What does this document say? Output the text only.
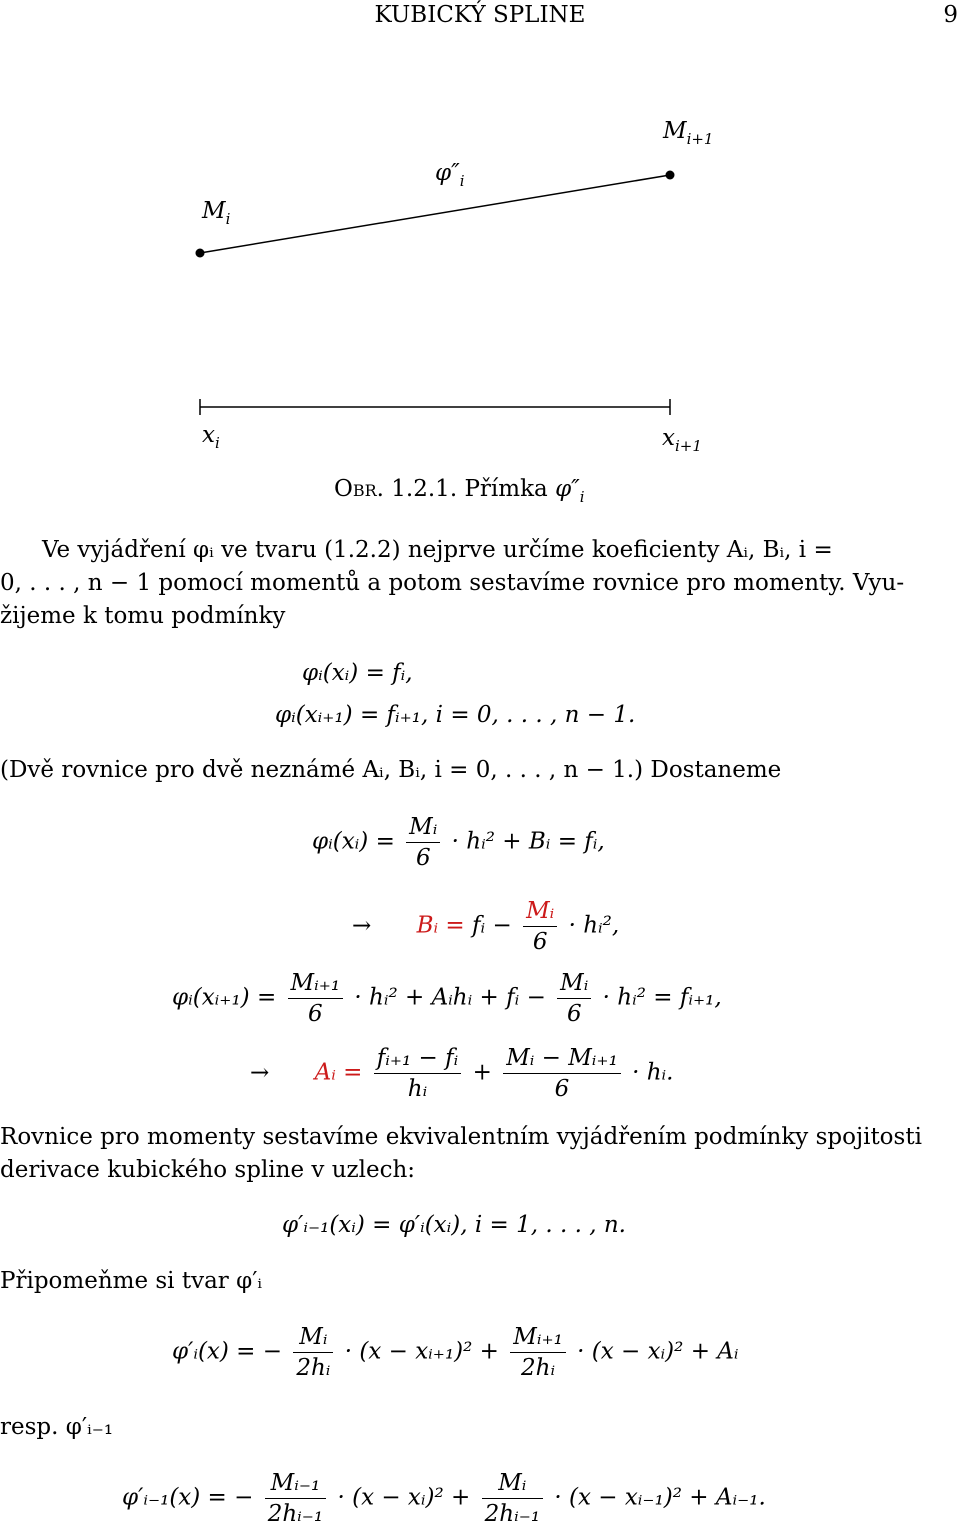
KUBICKÝ SPLINE	9
$M_i$
$M_{i+1}$
$\varphi''_i$
$x_i$	$x_{i+1}$
Obr. 1.2.1. Přímka $\varphi''_i$

Ve vyjádření φᵢ ve tvaru (1.2.2) nejprve určíme koeficienty Aᵢ, Bᵢ, i =

0, . . . , n − 1 pomocí momentů a potom sestavíme rovnice pro momenty. Vyu-

žijeme k tomu podmínky

φᵢ(xᵢ) = fᵢ,
φᵢ(xᵢ₊₁) = fᵢ₊₁, i = 0, . . . , n − 1.
(Dvě rovnice pro dvě neznámé Aᵢ, Bᵢ, i = 0, . . . , n − 1.) Dostaneme
φᵢ(xᵢ) = $\frac{\text{Mᵢ}}{6}$ · hᵢ² + Bᵢ = fᵢ,
→ Bᵢ = fᵢ − $\frac{\text{Mᵢ}}{6}$ · hᵢ²,
φᵢ(xᵢ₊₁) = $\frac{\text{Mᵢ₊₁}}{6}$ · hᵢ² + Aᵢhᵢ + fᵢ − $\frac{\text{Mᵢ}}{6}$ · hᵢ² = fᵢ₊₁,
→ Aᵢ = $\frac{\text{fᵢ₊₁ − fᵢ}}{\text{hᵢ}} + \frac{\text{Mᵢ − Mᵢ₊₁}}{6}$ · hᵢ.

Rovnice pro momenty sestavíme ekvivalentním vyjádřením podmínky spojitosti

derivace kubického spline v uzlech:

φ′ᵢ₋₁(xᵢ) = φ′ᵢ(xᵢ), i = 1, . . . , n.
Připomeňme si tvar φ′ᵢ
φ′ᵢ(x) = − $\frac{\text{Mᵢ}}{\text{2hᵢ}} \cdot (x$ − xᵢ₊₁)² + $\frac{\text{Mᵢ₊₁}}{\text{2hᵢ}} \cdot (x$ − xᵢ)² + Aᵢ
resp. φ′ᵢ₋₁
φ′ᵢ₋₁(x) = − $\frac{\text{Mᵢ₋₁}}{\text{2hᵢ₋₁}} \cdot (x$ − xᵢ)² + $\frac{\text{Mᵢ}}{\text{2hᵢ₋₁}} \cdot (x$ − xᵢ₋₁)² + Aᵢ₋₁.
